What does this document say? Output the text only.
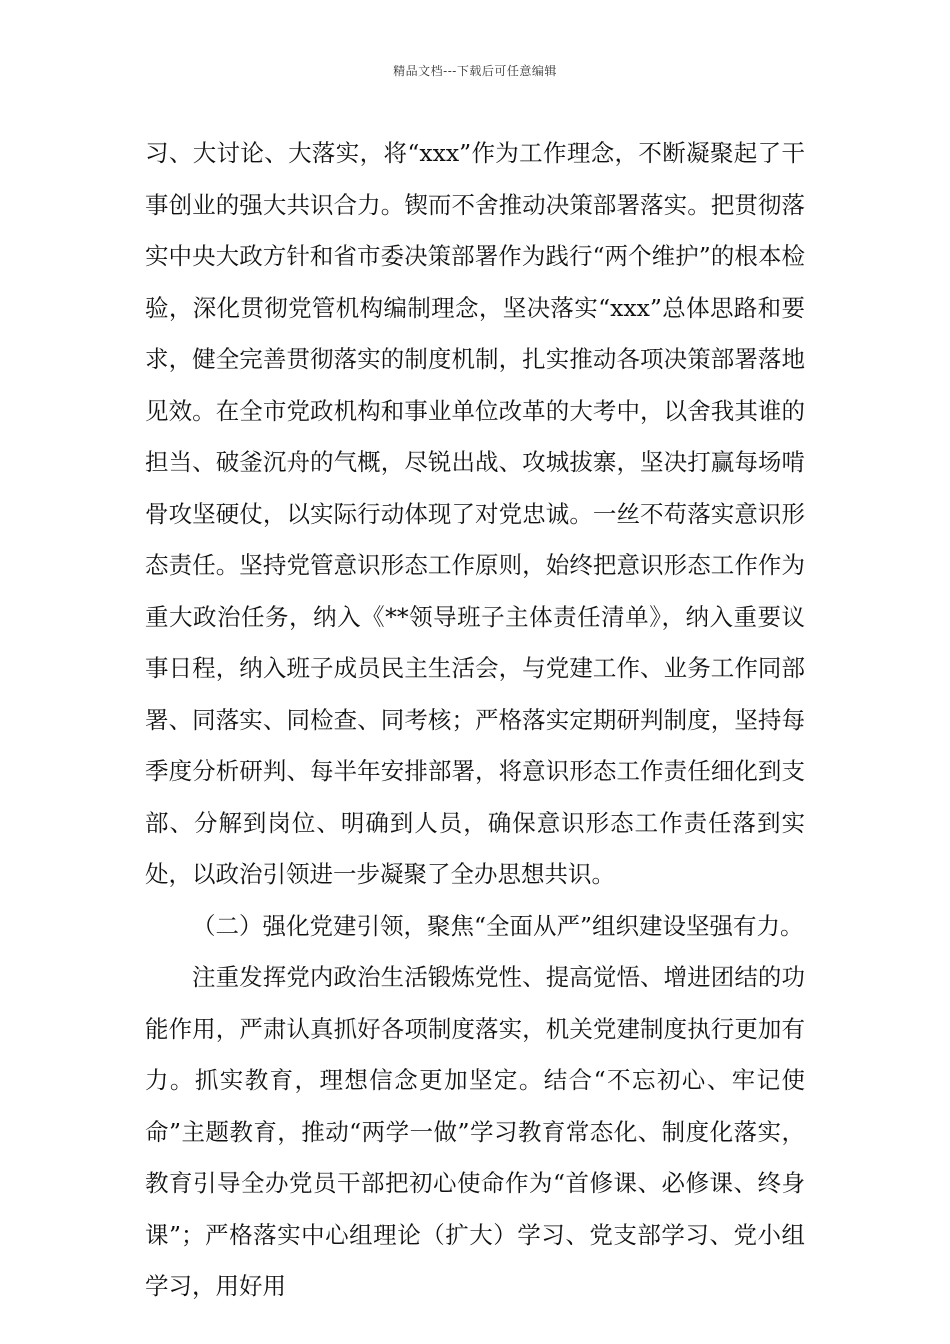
精品文档---下载后可任意编辑

习、大讨论、大落实，将“xxx”作为工作理念，不断凝聚起了干事创业的强大共识合力。锲而不舍推动决策部署落实。把贯彻落实中央大政方针和省市委决策部署作为践行“两个维护”的根本检验，深化贯彻党管机构编制理念，坚决落实“xxx”总体思路和要求，健全完善贯彻落实的制度机制，扎实推动各项决策部署落地见效。在全市党政机构和事业单位改革的大考中，以舍我其谁的担当、破釜沉舟的气概，尽锐出战、攻城拔寨，坚决打赢每场啃骨攻坚硬仗，以实际行动体现了对党忠诚。一丝不苟落实意识形态责任。坚持党管意识形态工作原则，始终把意识形态工作作为重大政治任务，纳入《**领导班子主体责任清单》，纳入重要议事日程，纳入班子成员民主生活会，与党建工作、业务工作同部署、同落实、同检查、同考核；严格落实定期研判制度，坚持每季度分析研判、每半年安排部署，将意识形态工作责任细化到支部、分解到岗位、明确到人员，确保意识形态工作责任落到实处，以政治引领进一步凝聚了全办思想共识。

（二）强化党建引领，聚焦“全面从严”组织建设坚强有力。

注重发挥党内政治生活锻炼党性、提高觉悟、增进团结的功能作用，严肃认真抓好各项制度落实，机关党建制度执行更加有力。抓实教育，理想信念更加坚定。结合“不忘初心、牢记使命”主题教育，推动“两学一做”学习教育常态化、制度化落实，教育引导全办党员干部把初心使命作为“首修课、必修课、终身课”；严格落实中心组理论（扩大）学习、党支部学习、党小组学习，用好用
